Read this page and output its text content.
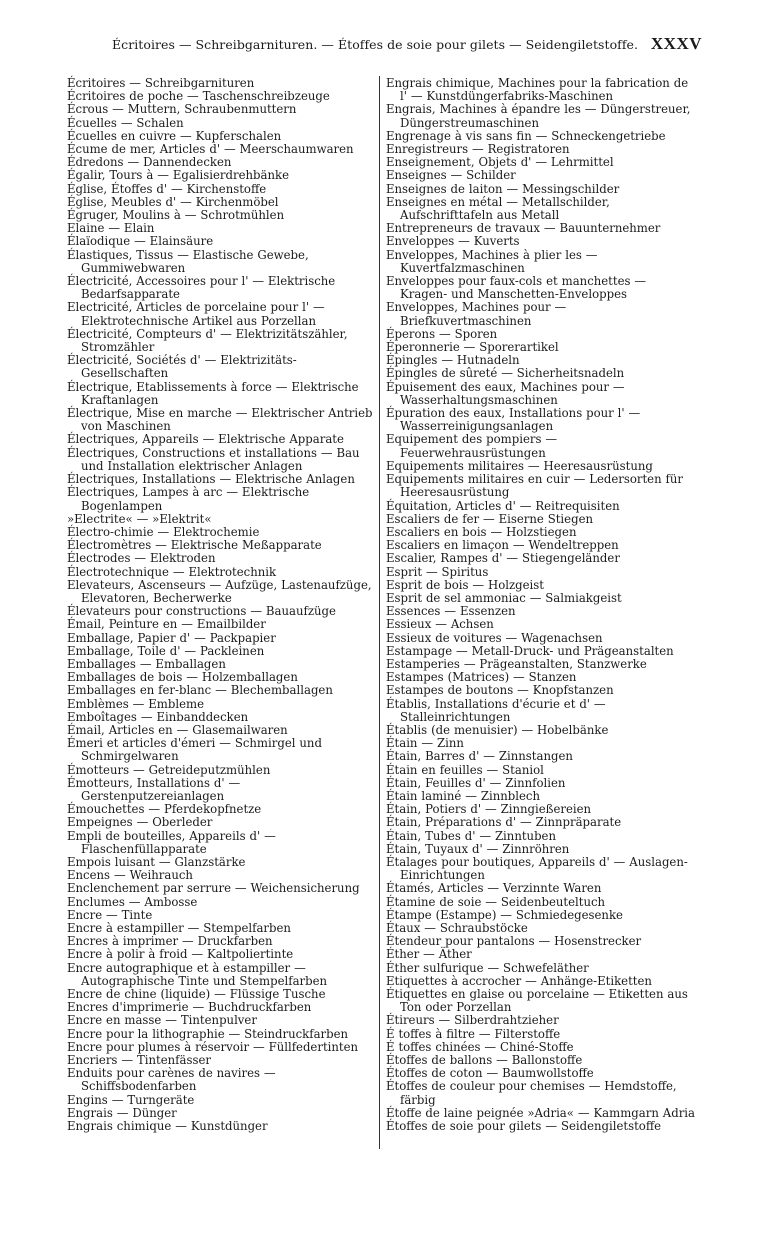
Écritoires — Schreibgarnituren. — Étoffes de soie pour gilets — Seidengiletstoffe. XXXV
Écritoires — Schreibgarnituren
Écritoires de poche — Taschenschreibzeuge
Écrous — Muttern, Schraubenmuttern
Écuelles — Schalen
Écuelles en cuivre — Kupferschalen
Écume de mer, Articles d' — Meerschaumwaren
Édredons — Dannendecken
Égalir, Tours à — Egalisierdrehbänke
Église, Étoffes d' — Kirchenstoffe
Église, Meubles d' — Kirchenmöbel
Égruger, Moulins à — Schrotmühlen
Elaine — Elain
Élaïodique — Elainsäure
Élastiques, Tissus — Elastische Gewebe, Gummiwebwaren
Électricité, Accessoires pour l' — Elektrische Bedarfsapparate
Electricité, Articles de porcelaine pour l' — Elektrotechnische Artikel aus Porzellan
Électricité, Compteurs d' — Elektrizitätszähler, Stromzähler
Électricité, Sociétés d' — Elektrizitäts-Gesellschaften
Électrique, Etablissements à force — Elektrische Kraftanlagen
Électrique, Mise en marche — Elektrischer Antrieb von Maschinen
Électriques, Appareils — Elektrische Apparate
Électriques, Constructions et installations — Bau und Installation elektrischer Anlagen
Électriques, Installations — Elektrische Anlagen
Électriques, Lampes à arc — Elektrische Bogenlampen
»Electrite« — »Elektrit«
Électro-chimie — Elektrochemie
Électromètres — Elektrische Meßapparate
Électrodes — Elektroden
Électrotechnique — Elektrotechnik
Elevateurs, Ascenseurs — Aufzüge, Lastenaufzüge, Elevatoren, Becherwerke
Élevateurs pour constructions — Bauaufzüge
Émail, Peinture en — Emailbilder
Emballage, Papier d' — Packpapier
Emballage, Toile d' — Packleinen
Emballages — Emballagen
Emballages de bois — Holzemballagen
Emballages en fer-blanc — Blechemballagen
Emblèmes — Embleme
Emboîtages — Einbanddecken
Émail, Articles en — Glasemailwaren
Émeri et articles d'émeri — Schmirgel und Schmirgelwaren
Émotteurs — Getreideputzmühlen
Émotteurs, Installations d' — Gerstenputzereianlagen
Émouchettes — Pferdekopfnetze
Empeignes — Oberleder
Empli de bouteilles, Appareils d' — Flaschenfüllapparate
Empois luisant — Glanzstärke
Encens — Weihrauch
Enclenchement par serrure — Weichensicherung
Enclumes — Ambosse
Encre — Tinte
Encre à estampiller — Stempelfarben
Encres à imprimer — Druckfarben
Encre à polir à froid — Kaltpoliertinte
Encre autographique et à estampiller — Autographische Tinte und Stempelfarben
Encre de chine (liquide) — Flüssige Tusche
Encres d'imprimerie — Buchdruckfarben
Encre en masse — Tintenpulver
Encre pour la lithographie — Steindruckfarben
Encre pour plumes à réservoir — Füllfedertinten
Encriers — Tintenfässer
Enduits pour carènes de navires — Schiffsbodenfarben
Engins — Turngeräte
Engrais — Dünger
Engrais chimique — Kunstdünger
Engrais chimique, Machines pour la fabrication de l' — Kunstdüngerfabriks-Maschinen
Engrais, Machines à épandre les — Düngerstreuer, Düngerstreumaschinen
Engrenage à vis sans fin — Schneckengetriebe
Enregistreurs — Registratoren
Enseignement, Objets d' — Lehrmittel
Enseignes — Schilder
Enseignes de laiton — Messingschilder
Enseignes en métal — Metallschilder, Aufschrifttafeln aus Metall
Entrepreneurs de travaux — Bauunternehmer
Enveloppes — Kuverts
Enveloppes, Machines à plier les — Kuvertfalzmaschinen
Enveloppes pour faux-cols et manchettes — Kragen- und Manschetten-Enveloppes
Enveloppes, Machines pour — Briefkuvertmaschinen
Éperons — Sporen
Éperonnerie — Sporerartikel
Épingles — Hutnadeln
Épingles de sûreté — Sicherheitsnadeln
Épuisement des eaux, Machines pour — Wasserhaltungsmaschinen
Épuration des eaux, Installations pour l' — Wasserreinigungsanlagen
Equipement des pompiers — Feuerwehrausrüstungen
Equipements militaires — Heeresausrüstung
Equipements militaires en cuir — Ledersorten für Heeresausrüstung
Équitation, Articles d' — Reitrequisiten
Escaliers de fer — Eiserne Stiegen
Escaliers en bois — Holzstiegen
Escaliers en limaçon — Wendeltreppen
Escalier, Rampes d' — Stiegengeländer
Esprit — Spiritus
Esprit de bois — Holzgeist
Esprit de sel ammoniac — Salmiakgeist
Essences — Essenzen
Essieux — Achsen
Essieux de voitures — Wagenachsen
Estampage — Metall-Druck- und Prägeanstalten
Estamperies — Prägeanstalten, Stanzwerke
Estampes (Matrices) — Stanzen
Estampes de boutons — Knopfstanzen
Établis, Installations d'écurie et d' — Stalleinrichtungen
Établis (de menuisier) — Hobelbänke
Étain — Zinn
Étain, Barres d' — Zinnstangen
Étain en feuilles — Staniol
Étain, Feuilles d' — Zinnfolien
Étain laminé — Zinnblech
Étain, Potiers d' — Zinngießereien
Étain, Préparations d' — Zinnpräparate
Étain, Tubes d' — Zinntuben
Étain, Tuyaux d' — Zinnröhren
Étalages pour boutiques, Appareils d' — Auslagen-Einrichtungen
Étamés, Articles — Verzinnte Waren
Étamine de soie — Seidenbeuteltuch
Étampe (Estampe) — Schmiedegesenke
Étaux — Schraubstöcke
Étendeur pour pantalons — Hosenstrecker
Éther — Äther
Éther sulfurique — Schwefeläther
Etiquettes à accrocher — Anhänge-Etiketten
Étiquettes en glaise ou porcelaine — Etiketten aus Ton oder Porzellan
Étireurs — Silberdrahtzieher
É toffes à filtre — Filterstoffe
É toffes chinées — Chiné-Stoffe
Étoffes de ballons — Ballonstoffe
Étoffes de coton — Baumwollstoffe
Étoffes de couleur pour chemises — Hemdstoffe, färbig
Étoffe de laine peignée »Adria« — Kammgarn Adria
Étoffes de soie pour gilets — Seidengiletstoffe
